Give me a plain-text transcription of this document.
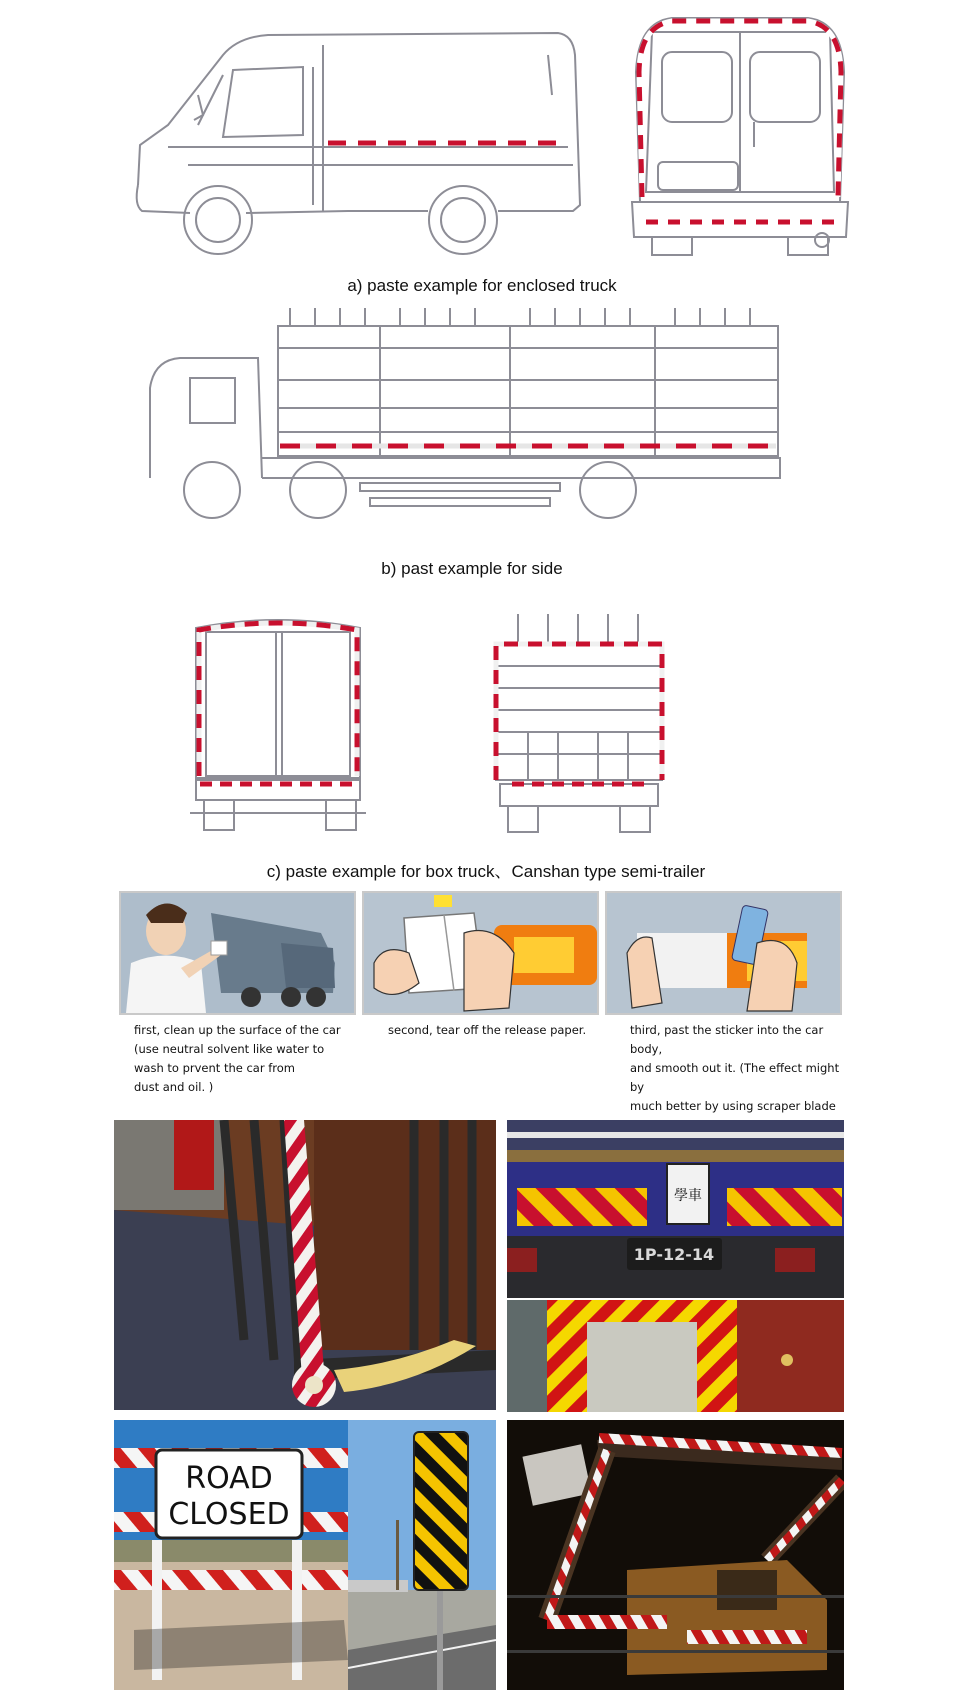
a) paste example for enclosed truck
b) past example for side
c) paste example for box truck、Canshan type semi-trailer
first, clean up the surface of the car
(use neutral solvent like water to
wash to prvent the car from
dust and oil. )
second, tear off the release paper.	third, past the sticker into the car body,
and smooth out it. (The effect might by
much better by using scraper blade

學車
1P-12-14
ROAD
CLOSED
